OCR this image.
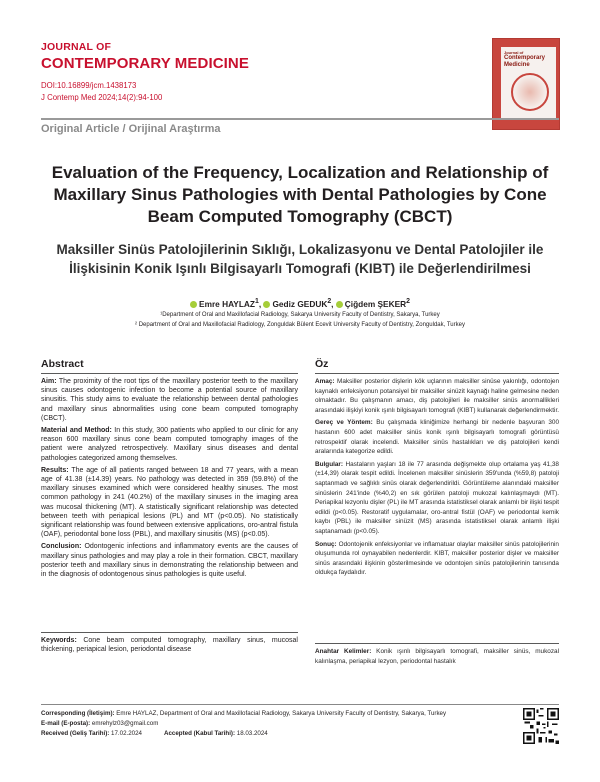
JOURNAL OF
CONTEMPORARY MEDICINE
DOI:10.16899/jcm.1438173
J Contemp Med 2024;14(2):94-100
Journal of
Contemporary Medicine
Original Article / Orijinal Araştırma
Evaluation of the Frequency, Localization and Relationship of Maxillary Sinus Pathologies with Dental Pathologies by Cone Beam Computed Tomography (CBCT)
Maksiller Sinüs Patolojilerinin Sıklığı, Lokalizasyonu ve Dental Patolojiler ile İlişkisinin Konik Işınlı Bilgisayarlı Tomografi (KIBT) ile Değerlendirilmesi
Emre HAYLAZ$^1$, Gediz GEDUK$^2$, Çiğdem ŞEKER$^2$
¹Department of Oral and Maxillofacial Radiology, Sakarya University Faculty of Dentistry, Sakarya, Turkey
² Department of Oral and Maxillofacial Radiology, Zonguldak Bülent Ecevit University Faculty of Dentistry, Zonguldak, Turkey
Abstract
Aim: The proximity of the root tips of the maxillary posterior teeth to the maxillary sinus causes odontogenic infection to become a potential source of maxillary sinusitis. This study aims to evaluate the relationship between dental pathologies and maxillary sinus abnormalities using cone beam computed tomography (CBCT).
Material and Method: In this study, 300 patients who applied to our clinic for any reason 600 maxillary sinus cone beam computed tomography images of the patient were analyzed retrospectively. Maxillary sinus diseases and dental pathologies categorized among themselves.
Results: The age of all patients ranged between 18 and 77 years, with a mean age of 41.38 (±14.39) years. No pathology was detected in 359 (59.8%) of the maxillary sinuses examined which were considered healthy sinuses. The most common pathology in 241 (40.2%) of the maxillary sinuses in the imaging area was mucosal thickening (MT). A statistically significant relationship was detected between teeth with periapical lesions (PL) and MT (p<0.05). No statistically significant relationship was found between extensive applications, oro-antral fistula (OAF), periodontal bone loss (PBL), and maxillary sinusitis (MS) (p<0.05).
Conclusion: Odontogenic infections and inflammatory events are the causes of maxillary sinus pathologies and may play a role in their formation. CBCT, maxillary posterior teeth and maxillary sinus in demonstrating the relationship between and in the diagnosis of odontogenous sinus pathologies is quite useful.
Keywords: Cone beam computed tomography, maxillary sinus, mucosal thickening, periapical lesion, periodontal disease
Öz
Amaç: Maksiller posterior dişlerin kök uçlarının maksiller sinüse yakınlığı, odontojen kaynaklı enfeksiyonun potansiyel bir maksiller sinüzit kaynağı haline gelmesine neden olmaktadır. Bu çalışmanın amacı, diş patolojileri ile maksiller sinüs anormallikleri arasındaki ilişkiyi konik ışınlı bilgisayarlı tomografi (KIBT) kullanarak değerlendirmektir.
Gereç ve Yöntem: Bu çalışmada kliniğimize herhangi bir nedenle başvuran 300 hastanın 600 adet maksiller sinüs konik ışınlı bilgisayarlı tomografi görüntüsü retrospektif olarak incelendi. Maksiller sinüs hastalıkları ve diş patolojileri kendi aralarında kategorize edildi.
Bulgular: Hastaların yaşları 18 ile 77 arasında değişmekte olup ortalama yaş 41,38 (±14,39) olarak tespit edildi. İncelenen maksiller sinüslerin 359'unda (%59,8) patoloji saptanmadı ve sağlıklı sinüs olarak değerlendirildi. Görüntüleme alanındaki maksiller sinüslerin 241'inde (%40,2) en sık görülen patoloji mukozal kalınlaşmaydı (MT). Periapikal lezyonlu dişler (PL) ile MT arasında istatistiksel olarak anlamlı bir ilişki tespit edildi (p<0.05). Restoratif uygulamalar, oro-antral fistül (OAF) ve periodontal kemik kaybı (PBL) ile maksiller sinüzit (MS) arasında istatistiksel olarak anlamlı ilişki saptanamadı (p<0.05).
Sonuç: Odontojenik enfeksiyonlar ve inflamatuar olaylar maksiller sinüs patolojilerinin oluşumunda rol oynayabilen nedenlerdir. KIBT, maksiller posterior dişler ve maksiller sinüs arasındaki ilişkinin gösterilmesinde ve odontojen sinüs patolojilerinin tanısında oldukça faydalıdır.
Anahtar Kelimler: Konik ışınlı bilgisayarlı tomografi, maksiller sinüs, mukozal kalınlaşma, periapikal lezyon, periodontal hastalık
Corresponding (İletişim): Emre HAYLAZ, Department of Oral and Maxillofacial Radiology, Sakarya University Faculty of Dentistry, Sakarya, Turkey
E-mail (E-posta): emrehylz03@gmail.com
Received (Geliş Tarihi): 17.02.2024	Accepted (Kabul Tarihi): 18.03.2024
